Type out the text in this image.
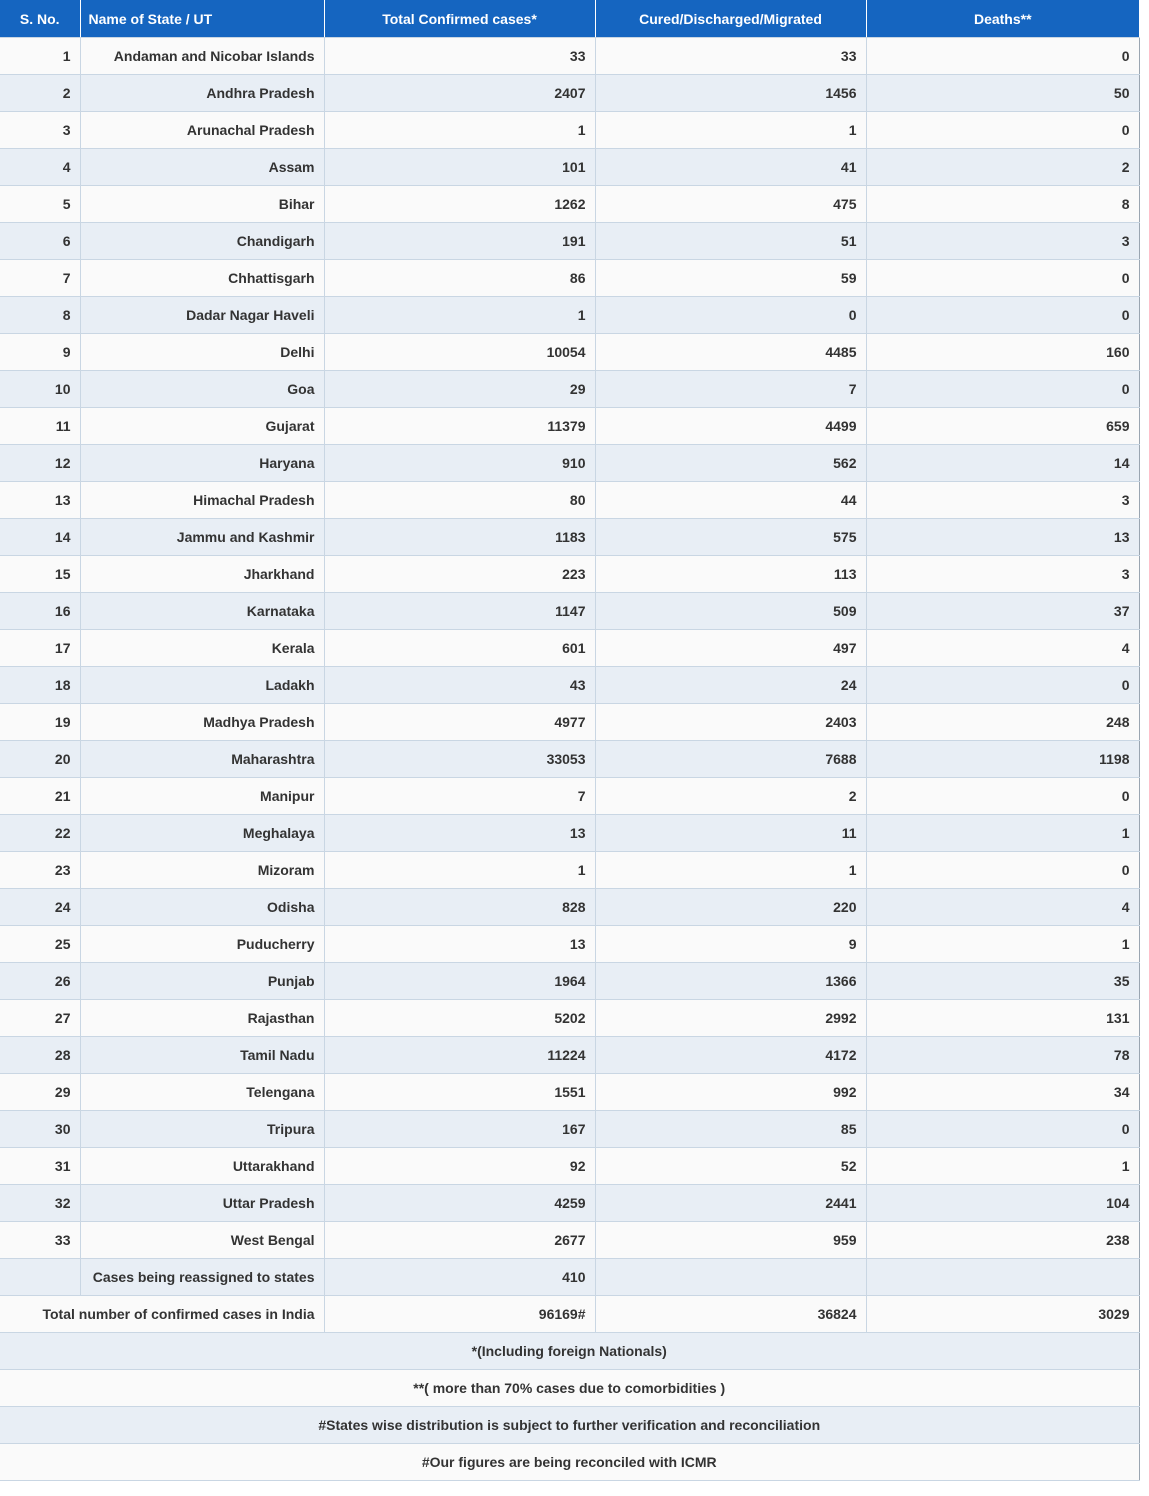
S. No.	Name of State / UT	Total Confirmed cases*	Cured/Discharged/Migrated	Deaths**
1	Andaman and Nicobar Islands	33	33	0
2	Andhra Pradesh	2407	1456	50
3	Arunachal Pradesh	1	1	0
4	Assam	101	41	2
5	Bihar	1262	475	8
6	Chandigarh	191	51	3
7	Chhattisgarh	86	59	0
8	Dadar Nagar Haveli	1	0	0
9	Delhi	10054	4485	160
10	Goa	29	7	0
11	Gujarat	11379	4499	659
12	Haryana	910	562	14
13	Himachal Pradesh	80	44	3
14	Jammu and Kashmir	1183	575	13
15	Jharkhand	223	113	3
16	Karnataka	1147	509	37
17	Kerala	601	497	4
18	Ladakh	43	24	0
19	Madhya Pradesh	4977	2403	248
20	Maharashtra	33053	7688	1198
21	Manipur	7	2	0
22	Meghalaya	13	11	1
23	Mizoram	1	1	0
24	Odisha	828	220	4
25	Puducherry	13	9	1
26	Punjab	1964	1366	35
27	Rajasthan	5202	2992	131
28	Tamil Nadu	11224	4172	78
29	Telengana	1551	992	34
30	Tripura	167	85	0
31	Uttarakhand	92	52	1
32	Uttar Pradesh	4259	2441	104
33	West Bengal	2677	959	238
	Cases being reassigned to states	410		
Total number of confirmed cases in India		96169#	36824	3029
*(Including foreign Nationals)				
**( more than 70% cases due to comorbidities )				
#States wise distribution is subject to further verification and reconciliation				
#Our figures are being reconciled with ICMR				
